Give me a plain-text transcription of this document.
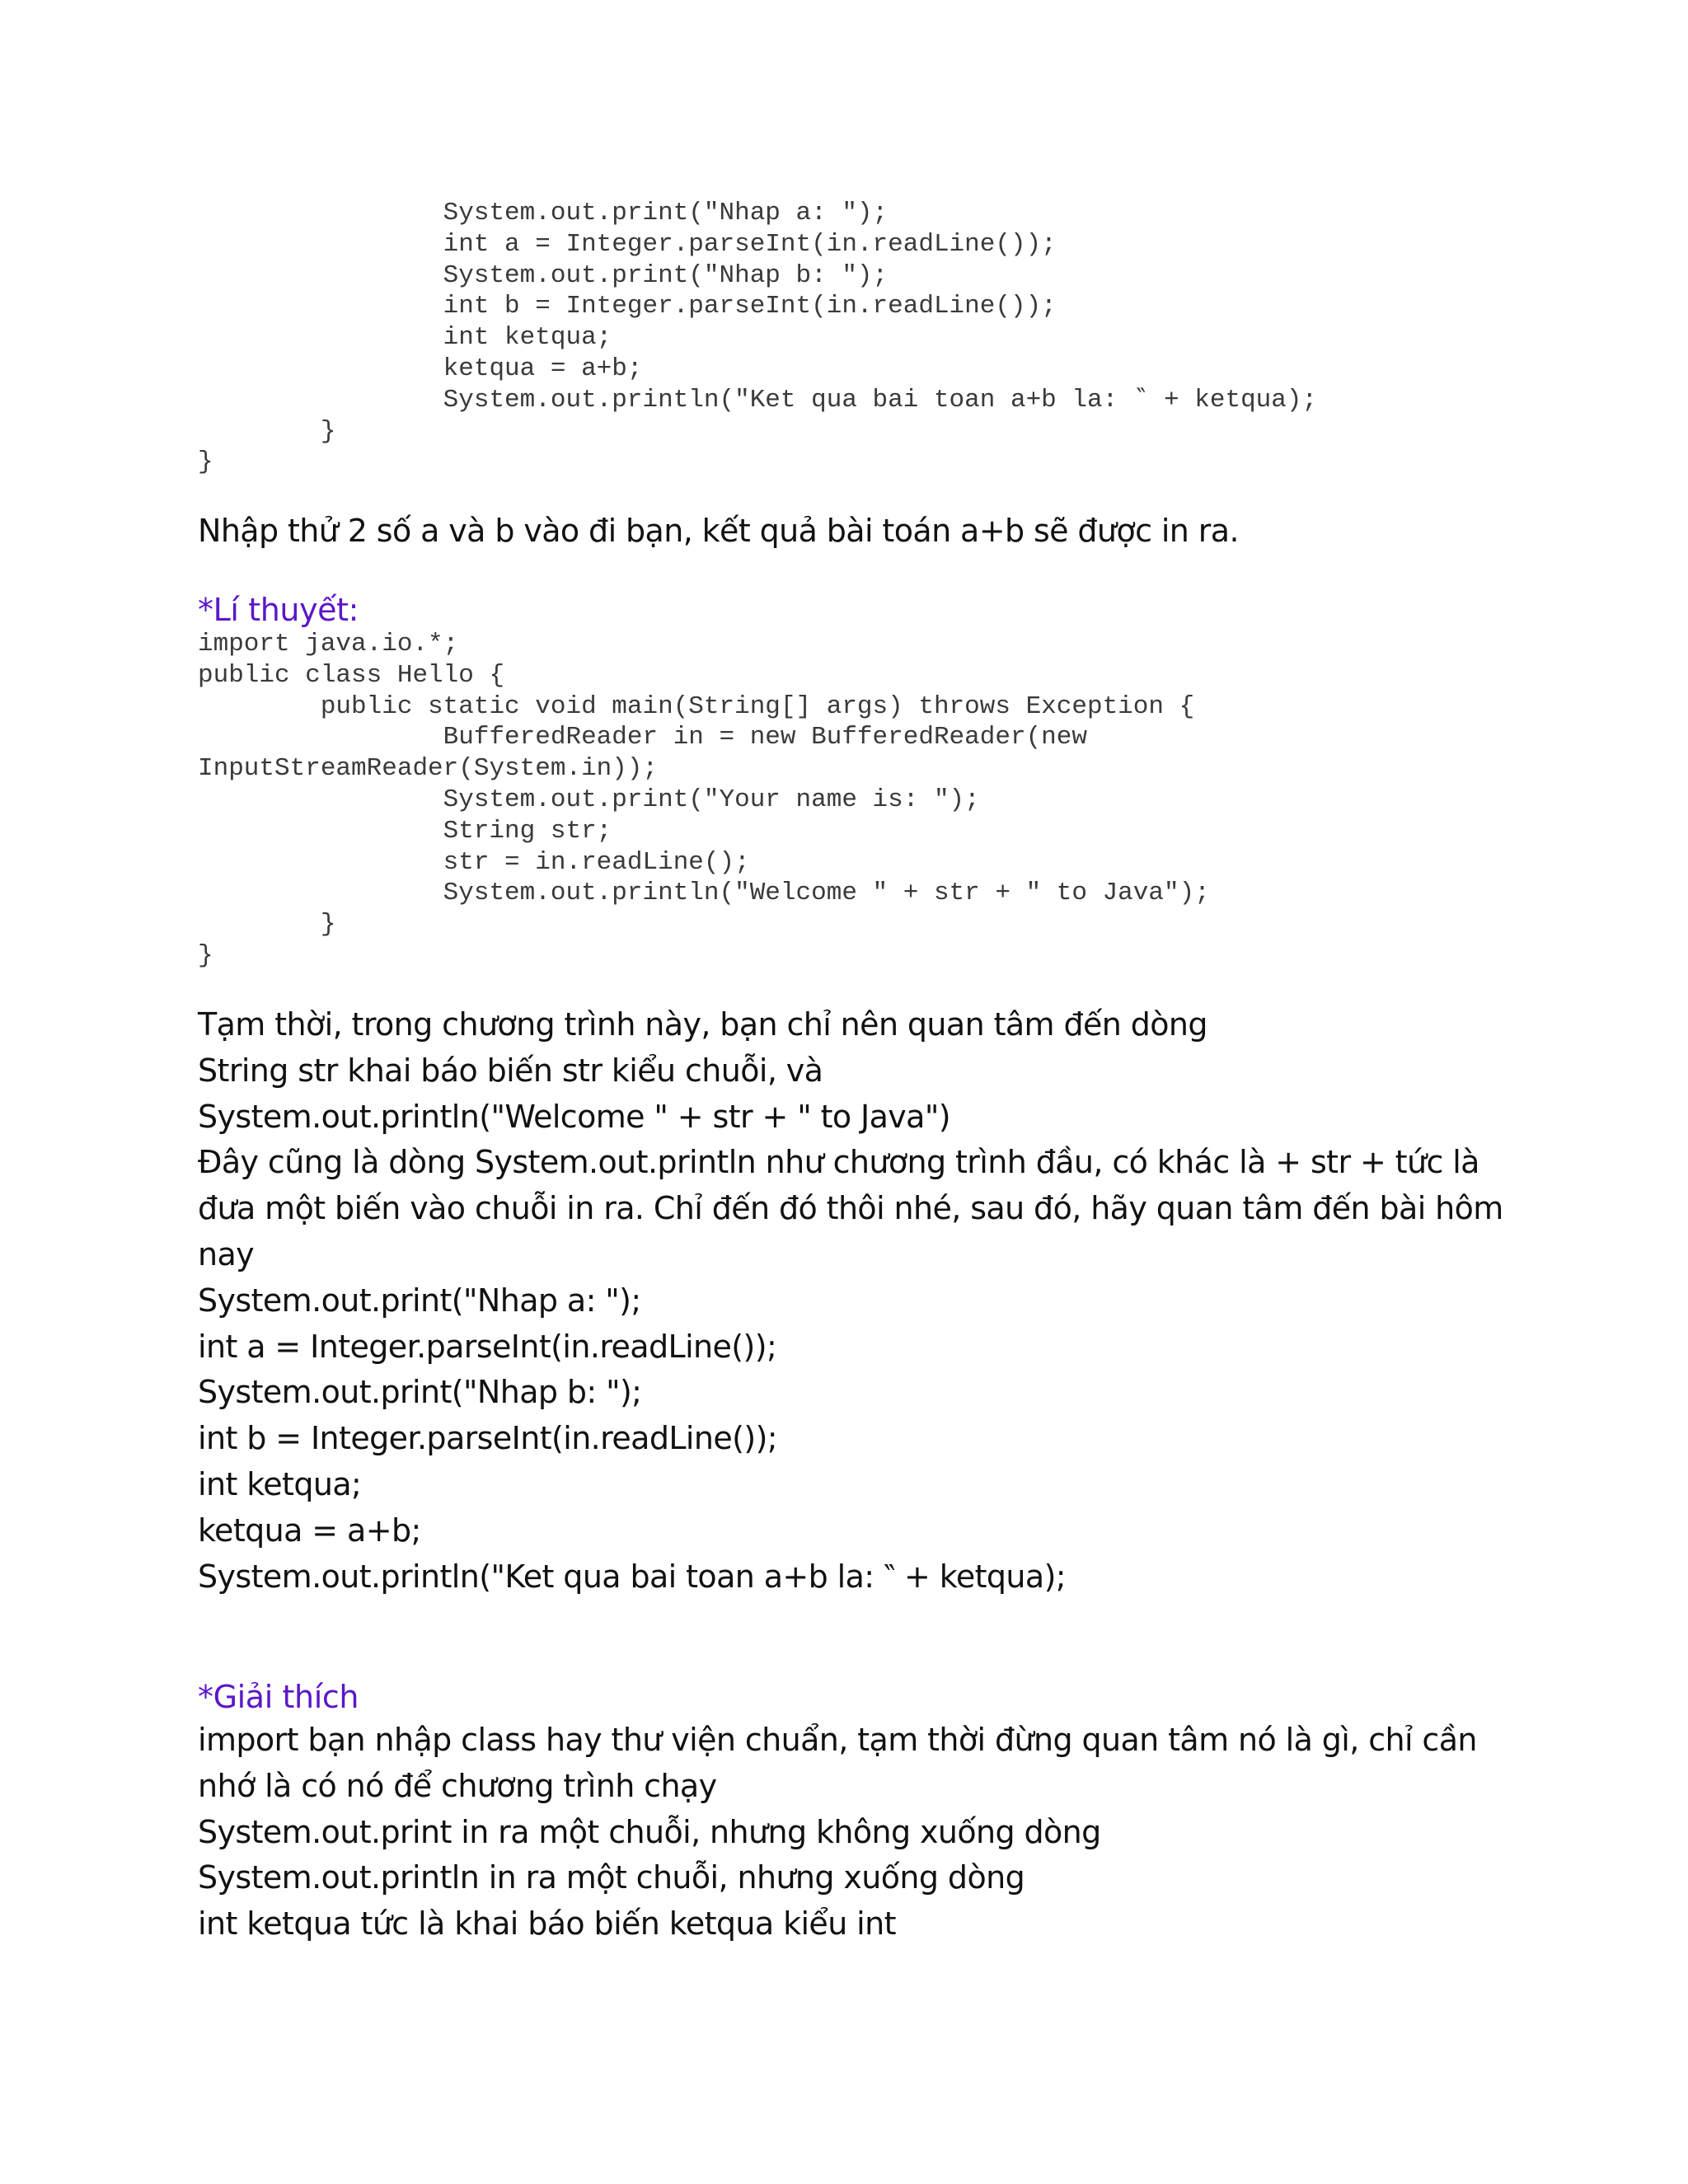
System.out.print("Nhap a: ");
int a = Integer.parseInt(in.readLine());
System.out.print("Nhap b: ");
int b = Integer.parseInt(in.readLine());
int ketqua;
ketqua = a+b;
System.out.println("Ket qua bai toan a+b la: ‶ + ketqua);
}
}
Nhập thử 2 số a và b vào đi bạn, kết quả bài toán a+b sẽ được in ra.
*Lí thuyết:
import java.io.*;
public class Hello {
public static void main(String[] args) throws Exception {
BufferedReader in = new BufferedReader(new
InputStreamReader(System.in));
System.out.print("Your name is: ");
String str;
str = in.readLine();
System.out.println("Welcome " + str + " to Java");
}
}
Tạm thời, trong chương trình này, bạn chỉ nên quan tâm đến dòng
String str khai báo biến str kiểu chuỗi, và
System.out.println("Welcome " + str + " to Java")
Đây cũng là dòng System.out.println như chương trình đầu, có khác là + str + tức là
đưa một biến vào chuỗi in ra. Chỉ đến đó thôi nhé, sau đó, hãy quan tâm đến bài hôm
nay
System.out.print("Nhap a: ");
int a = Integer.parseInt(in.readLine());
System.out.print("Nhap b: ");
int b = Integer.parseInt(in.readLine());
int ketqua;
ketqua = a+b;
System.out.println("Ket qua bai toan a+b la: ‶ + ketqua);
*Giải thích
import bạn nhập class hay thư viện chuẩn, tạm thời đừng quan tâm nó là gì, chỉ cần
nhớ là có nó để chương trình chạy
System.out.print in ra một chuỗi, nhưng không xuống dòng
System.out.println in ra một chuỗi, nhưng xuống dòng
int ketqua tức là khai báo biến ketqua kiểu int
